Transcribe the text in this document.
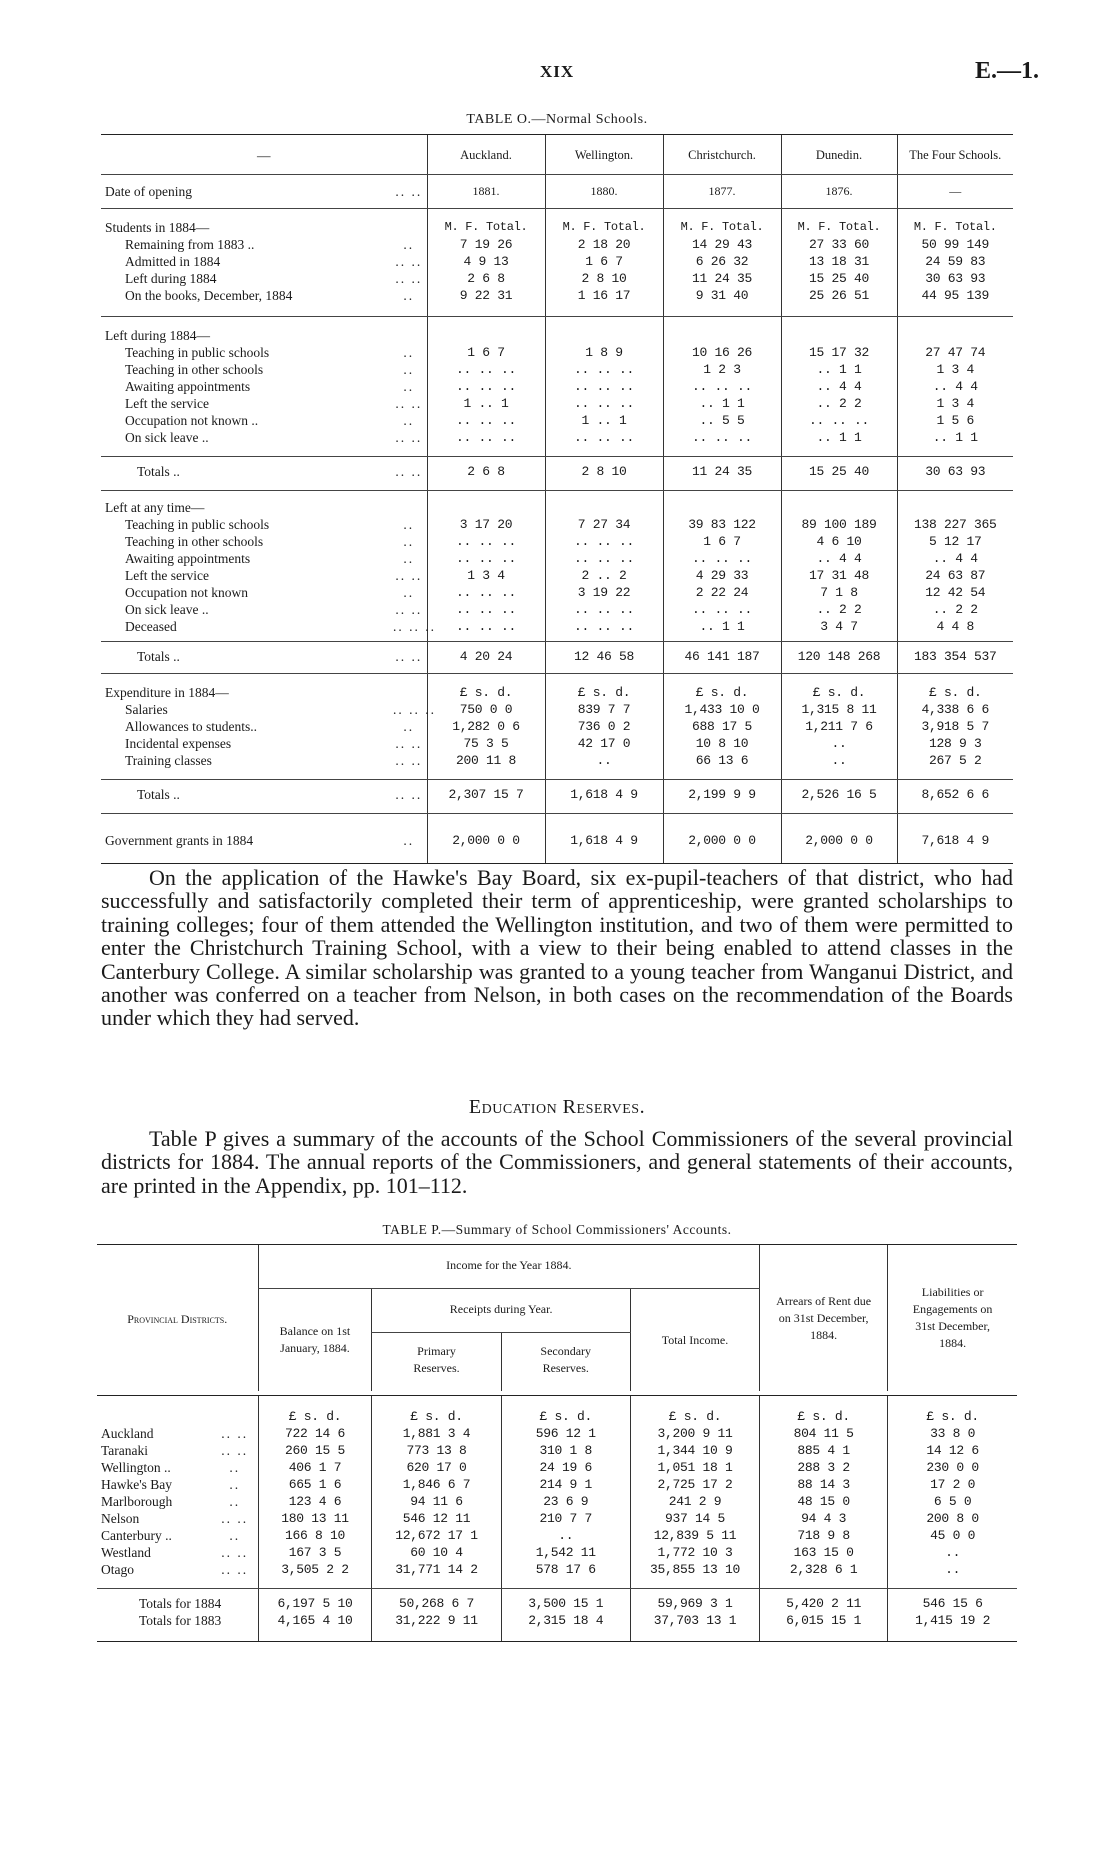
XIX	E.—1.
TABLE O.—Normal Schools.
—		Auckland.	Wellington.	Christchurch.	Dunedin.	The Four Schools.

Date of opening	.. ..	1881.	1880.	1877.	1876.	—

Students in 1884—		M. F. Total.	M. F. Total.	M. F. Total.	M. F. Total.	M. F. Total.
Remaining from 1883 ..	..	7 19 26	2 18 20	14 29 43	27 33 60	50 99 149
Admitted in 1884	.. ..	4 9 13	1 6 7	6 26 32	13 18 31	24 59 83
Left during 1884	.. ..	2 6 8	2 8 10	11 24 35	15 25 40	30 63 93
On the books, December, 1884	..	9 22 31	1 16 17	9 31 40	25 26 51	44 95 139

Left during 1884—						
Teaching in public schools	..	1 6 7	1 8 9	10 16 26	15 17 32	27 47 74
Teaching in other schools	..	.. .. ..	.. .. ..	1 2 3	.. 1 1	1 3 4
Awaiting appointments	..	.. .. ..	.. .. ..	.. .. ..	.. 4 4	.. 4 4
Left the service	.. ..	1 .. 1	.. .. ..	.. 1 1	.. 2 2	1 3 4
Occupation not known ..	..	.. .. ..	1 .. 1	.. 5 5	.. .. ..	1 5 6
On sick leave ..	.. ..	.. .. ..	.. .. ..	.. .. ..	.. 1 1	.. 1 1

Totals ..	.. ..	2 6 8	2 8 10	11 24 35	15 25 40	30 63 93

Left at any time—						
Teaching in public schools	..	3 17 20	7 27 34	39 83 122	89 100 189	138 227 365
Teaching in other schools	..	.. .. ..	.. .. ..	1 6 7	4 6 10	5 12 17
Awaiting appointments	..	.. .. ..	.. .. ..	.. .. ..	.. 4 4	.. 4 4
Left the service	.. ..	1 3 4	2 .. 2	4 29 33	17 31 48	24 63 87
Occupation not known	..	.. .. ..	3 19 22	2 22 24	7 1 8	12 42 54
On sick leave ..	.. ..	.. .. ..	.. .. ..	.. .. ..	.. 2 2	.. 2 2
Deceased	.. .. ..	.. .. ..	.. .. ..	.. 1 1	3 4 7	4 4 8

Totals ..	.. ..	4 20 24	12 46 58	46 141 187	120 148 268	183 354 537

Expenditure in 1884—		£ s. d.	£ s. d.	£ s. d.	£ s. d.	£ s. d.
Salaries	.. .. ..	750 0 0	839 7 7	1,433 10 0	1,315 8 11	4,338 6 6
Allowances to students..	..	1,282 0 6	736 0 2	688 17 5	1,211 7 6	3,918 5 7
Incidental expenses	.. ..	75 3 5	42 17 0	10 8 10	..	128 9 3
Training classes	.. ..	200 11 8	..	66 13 6	..	267 5 2

Totals ..	.. ..	2,307 15 7	1,618 4 9	2,199 9 9	2,526 16 5	8,652 6 6

Government grants in 1884	..	2,000 0 0	1,618 4 9	2,000 0 0	2,000 0 0	7,618 4 9

On the application of the Hawke's Bay Board, six ex-pupil-teachers of that district, who had successfully and satisfactorily completed their term of apprenticeship, were granted scholarships to training colleges; four of them attended the Wellington institution, and two of them were permitted to enter the Christchurch Training School, with a view to their being enabled to attend classes in the Canterbury College. A similar scholarship was granted to a young teacher from Wanganui District, and another was conferred on a teacher from Nelson, in both cases on the recommendation of the Boards under which they had served.

Education Reserves.

Table P gives a summary of the accounts of the School Commissioners of the several provincial districts for 1884. The annual reports of the Commissioners, and general statements of their accounts, are printed in the Appendix, pp. 101–112.

TABLE P.—Summary of School Commissioners' Accounts.
Provincial Districts.		Income for the Year 1884.				Arrears of Rent due on 31st December, 1884.	Liabilities or Engagements on 31st December, 1884.
		Balance on 1st January, 1884.	Receipts during Year.		Total Income.		
			Primary Reserves.	Secondary Reserves.			

		£ s. d.	£ s. d.	£ s. d.	£ s. d.	£ s. d.	£ s. d.
Auckland	.. ..	722 14 6	1,881 3 4	596 12 1	3,200 9 11	804 11 5	33 8 0
Taranaki	.. ..	260 15 5	773 13 8	310 1 8	1,344 10 9	885 4 1	14 12 6
Wellington ..	..	406 1 7	620 17 0	24 19 6	1,051 18 1	288 3 2	230 0 0
Hawke's Bay	..	665 1 6	1,846 6 7	214 9 1	2,725 17 2	88 14 3	17 2 0
Marlborough	..	123 4 6	94 11 6	23 6 9	241 2 9	48 15 0	6 5 0
Nelson	.. ..	180 13 11	546 12 11	210 7 7	937 14 5	94 4 3	200 8 0
Canterbury ..	..	166 8 10	12,672 17 1	..	12,839 5 11	718 9 8	45 0 0
Westland	.. ..	167 3 5	60 10 4	1,542 11	1,772 10 3	163 15 0	..
Otago	.. ..	3,505 2 2	31,771 14 2	578 17 6	35,855 13 10	2,328 6 1	..

Totals for 1884		6,197 5 10	50,268 6 7	3,500 15 1	59,969 3 1	5,420 2 11	546 15 6
Totals for 1883		4,165 4 10	31,222 9 11	2,315 18 4	37,703 13 1	6,015 15 1	1,415 19 2
